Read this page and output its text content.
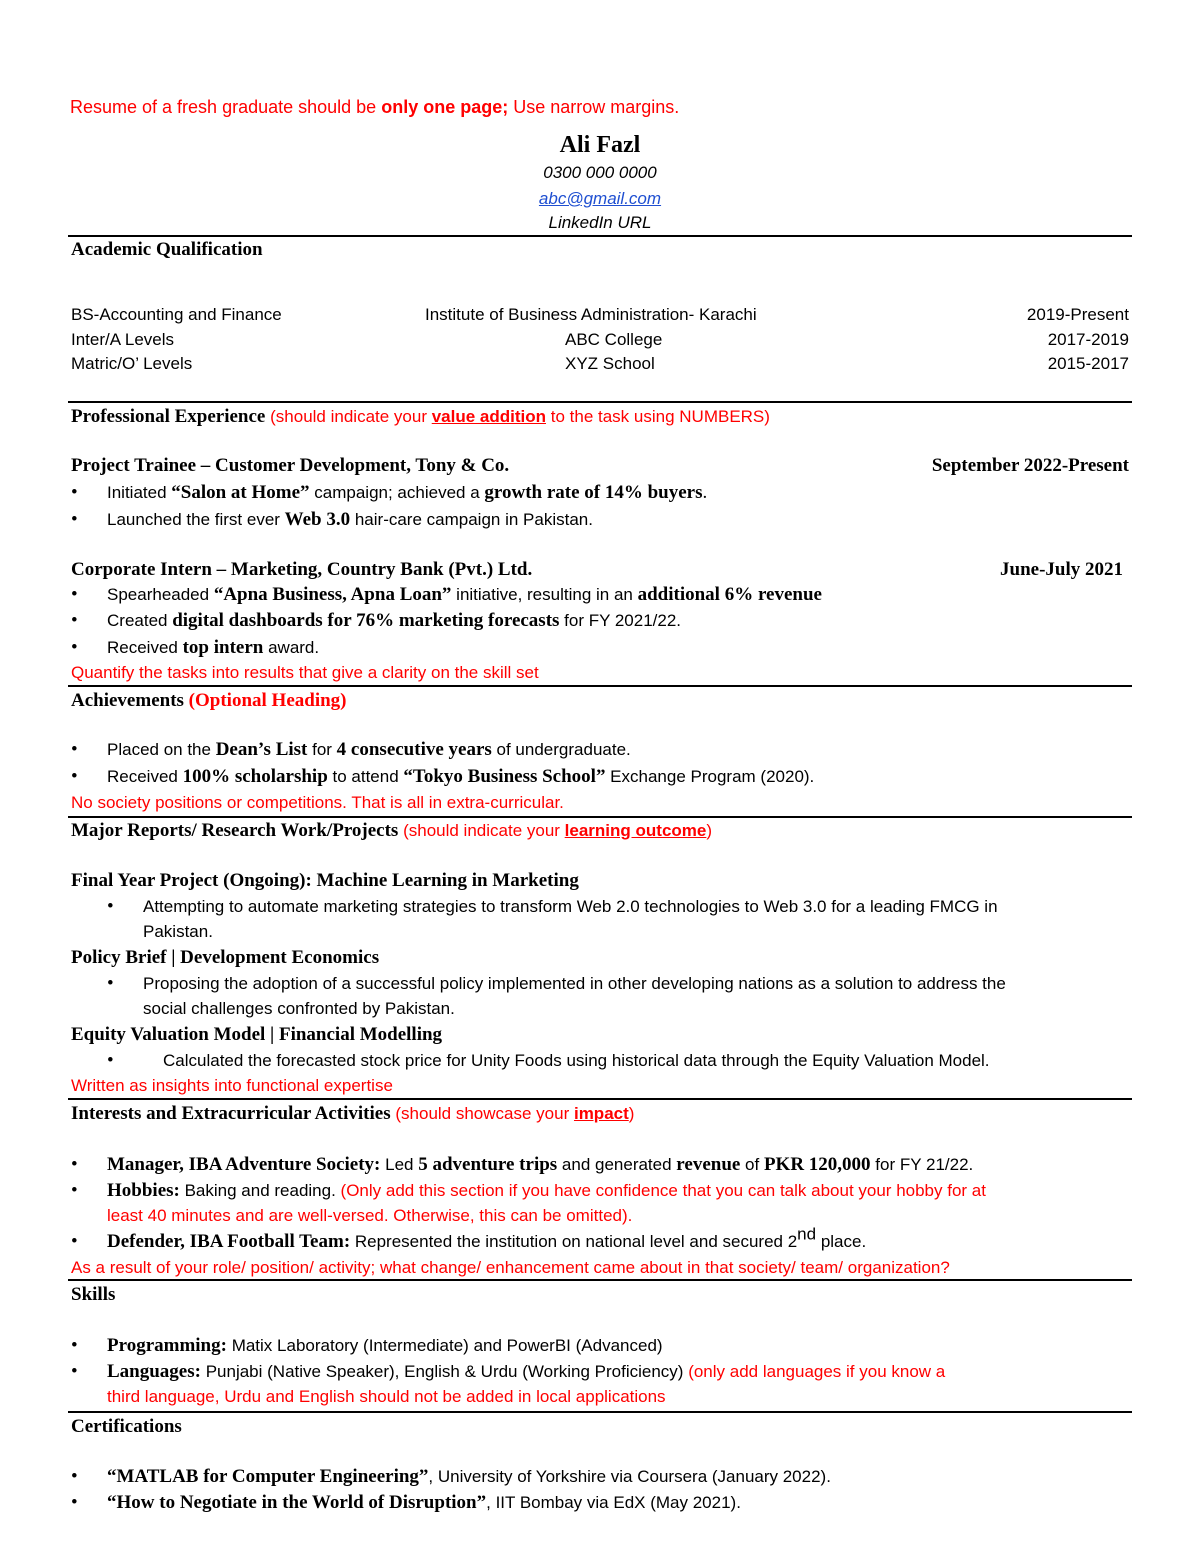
Resume of a fresh graduate should be only one page; Use narrow margins.
Ali Fazl
0300 000 0000
abc@gmail.com
LinkedIn URL
Academic Qualification
BS-Accounting and Finance	Institute of Business Administration- Karachi	2019-Present
Inter/A Levels	ABC College	2017-2019
Matric/O’ Levels	XYZ School	2015-2017
Professional Experience (should indicate your value addition to the task using NUMBERS)
Project Trainee – Customer Development, Tony & Co.	September 2022-Present
• Initiated “Salon at Home” campaign; achieved a growth rate of 14% buyers.
• Launched the first ever Web 3.0 hair-care campaign in Pakistan.
Corporate Intern – Marketing, Country Bank (Pvt.) Ltd.	June-July 2021
• Spearheaded “Apna Business, Apna Loan” initiative, resulting in an additional 6% revenue
• Created digital dashboards for 76% marketing forecasts for FY 2021/22.
• Received top intern award.
Quantify the tasks into results that give a clarity on the skill set
Achievements (Optional Heading)
• Placed on the Dean’s List for 4 consecutive years of undergraduate.
• Received 100% scholarship to attend “Tokyo Business School” Exchange Program (2020).
No society positions or competitions. That is all in extra-curricular.
Major Reports/ Research Work/Projects (should indicate your learning outcome)
Final Year Project (Ongoing): Machine Learning in Marketing
• Attempting to automate marketing strategies to transform Web 2.0 technologies to Web 3.0 for a leading FMCG in
Pakistan.
Policy Brief | Development Economics
• Proposing the adoption of a successful policy implemented in other developing nations as a solution to address the
social challenges confronted by Pakistan.
Equity Valuation Model | Financial Modelling
•	Calculated the forecasted stock price for Unity Foods using historical data through the Equity Valuation Model.
Written as insights into functional expertise
Interests and Extracurricular Activities (should showcase your impact)
• Manager, IBA Adventure Society: Led 5 adventure trips and generated revenue of PKR 120,000 for FY 21/22.
• Hobbies: Baking and reading. (Only add this section if you have confidence that you can talk about your hobby for at
least 40 minutes and are well-versed. Otherwise, this can be omitted).
• Defender, IBA Football Team: Represented the institution on national level and secured 2nd place.
As a result of your role/ position/ activity; what change/ enhancement came about in that society/ team/ organization?
Skills
• Programming: Matix Laboratory (Intermediate) and PowerBI (Advanced)
• Languages: Punjabi (Native Speaker), English & Urdu (Working Proficiency) (only add languages if you know a
third language, Urdu and English should not be added in local applications
Certifications
• “MATLAB for Computer Engineering”, University of Yorkshire via Coursera (January 2022).
• “How to Negotiate in the World of Disruption”, IIT Bombay via EdX (May 2021).
